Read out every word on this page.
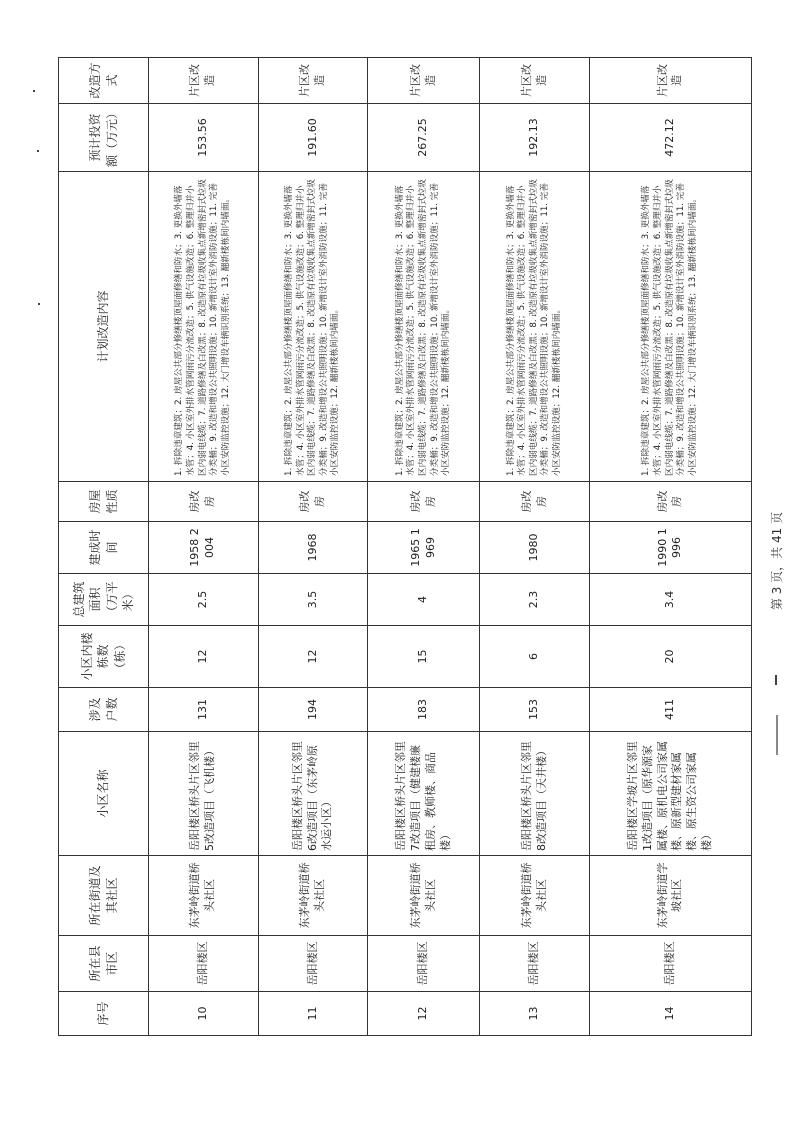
序号	所在县市区	所在街道及其社区	小区名称	涉及户数	小区内楼栋数（栋）	总建筑面积（万平米）	建成时间	房屋性质	计划改造内容	预计投资额（万元）	改造方式
10	岳阳楼区	东茅岭街道桥头社区	岳阳楼区桥头片区邻里5改造项目（飞机楼）	131	12	2.5	1958 2004	房改房	1. 拆除违章建筑；2. 房屋公共部分修缮楼顶屋面修缮和防水；3. 更换外墙落水管；4. 小区室外排水管网雨污分流改造；5. 供气设施改造；6. 整理归并小区内弱电线缆；7. 道路修缮及白改黑；8. 改造原有垃圾收集点新增密封式垃圾分类桶；9. 改造和增设公共照明设施；10. 新增设计室外消防设施；11. 完善小区安防监控设施；12. 大门增设车辆识别系统；13. 翻新楼栋间内墙面。	153.56	片区改造
11	岳阳楼区	东茅岭街道桥头社区	岳阳楼区桥头片区邻里6改造项目（东茅岭原水运小区）	194	12	3.5	1968	房改房	1. 拆除违章建筑；2. 房屋公共部分修缮楼顶屋面修缮和防水；3. 更换外墙落水管；4. 小区室外排水管网雨污分流改造；5. 供气设施改造；6. 整理归并小区内弱电线缆；7. 道路修缮及白改黑；8. 改造原有垃圾收集点新增密封式垃圾分类桶；9. 改造和增设公共照明设施；10. 新增设计室外消防设施；11. 完善小区安防监控设施；12. 翻新楼栋间内墙面。	191.60	片区改造
12	岳阳楼区	东茅岭街道桥头社区	岳阳楼区桥头片区邻里7改造项目（健建楼廉租房、教师楼、商品楼）	183	15	4	1965 1969	房改房	1. 拆除违章建筑；2. 房屋公共部分修缮楼顶屋面修缮和防水；3. 更换外墙落水管；4. 小区室外排水管网雨污分流改造；5. 供气设施改造；6. 整理归并小区内弱电线缆；7. 道路修缮及白改黑；8. 改造原有垃圾收集点新增密封式垃圾分类桶；9. 改造和增设公共照明设施；10. 新增设计室外消防设施；11. 完善小区安防监控设施；12. 翻新楼栋间内墙面。	267.25	片区改造
13	岳阳楼区	东茅岭街道桥头社区	岳阳楼区桥头片区邻里8改造项目（天井楼）	153	6	2.3	1980	房改房	1. 拆除违章建筑；2. 房屋公共部分修缮楼顶屋面修缮和防水；3. 更换外墙落水管；4. 小区室外排水管网雨污分流改造；5. 供气设施改造；6. 整理归并小区内弱电线缆；7. 道路修缮及白改黑；8. 改造原有垃圾收集点新增密封式垃圾分类桶；9. 改造和增设公共照明设施；10. 新增设计室外消防设施；11. 完善小区安防监控设施；12. 翻新楼栋间内墙面。	192.13	片区改造
14	岳阳楼区	东茅岭街道学坡社区	岳阳楼区学坡片区邻里1改造项目（原华源家属楼、原机电公司家属楼、原新型建材家属楼、原生资公司家属楼）	411	20	3.4	1990 1996	房改房	1. 拆除违章建筑；2. 房屋公共部分修缮楼顶屋面修缮和防水；3. 更换外墙落水管；4. 小区室外排水管网雨污分流改造；5. 供气设施改造；6. 整理归并小区内弱电线缆；7. 道路修缮及白改黑；8. 改造原有垃圾收集点新增密封式垃圾分类桶；9. 改造和增设公共照明设施；10. 新增设计室外消防设施；11. 完善小区安防监控设施；12. 大门增设车辆识别系统；13. 翻新楼栋间内墙面。	472.12	片区改造
第 3 页，共 41 页
